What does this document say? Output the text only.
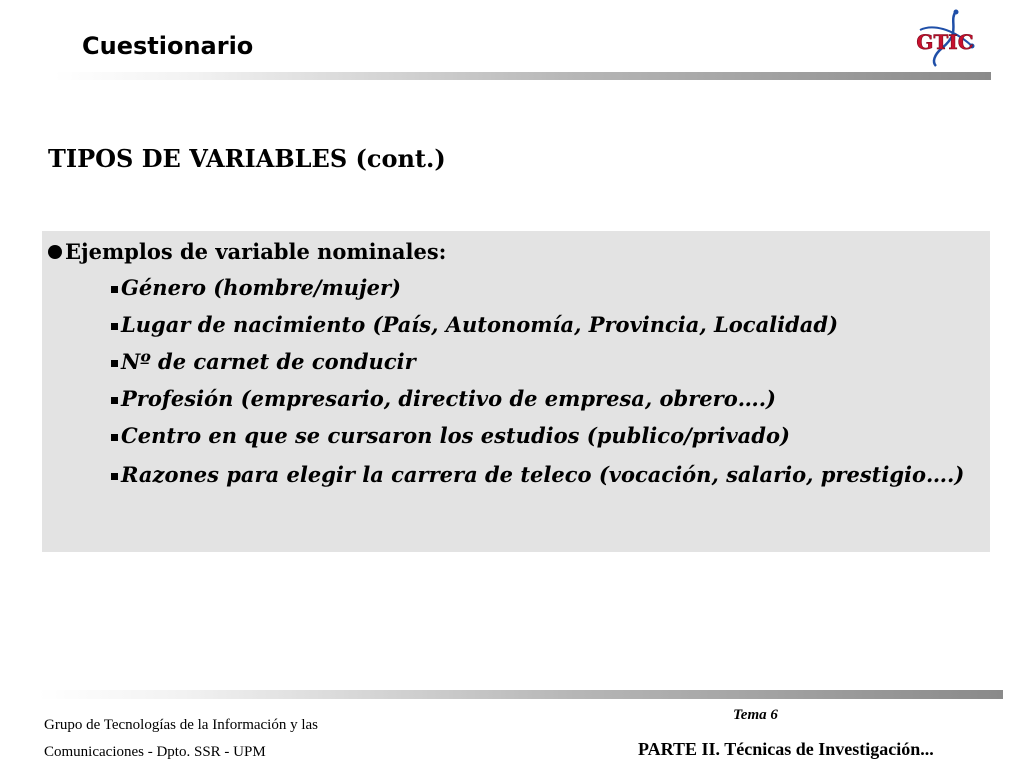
Cuestionario	GTIC
TIPOS DE VARIABLES (cont.)
Ejemplos de variable nominales:
Género (hombre/mujer)
Lugar de nacimiento (País, Autonomía, Provincia, Localidad)
Nº de carnet de conducir
Profesión (empresario, directivo de empresa, obrero….)
Centro en que se cursaron los estudios (publico/privado)
Razones para elegir la carrera de teleco (vocación, salario, prestigio….)
Grupo de Tecnologías de la Información y las
Comunicaciones - Dpto. SSR - UPM
Tema 6
PARTE II. Técnicas de Investigación...
